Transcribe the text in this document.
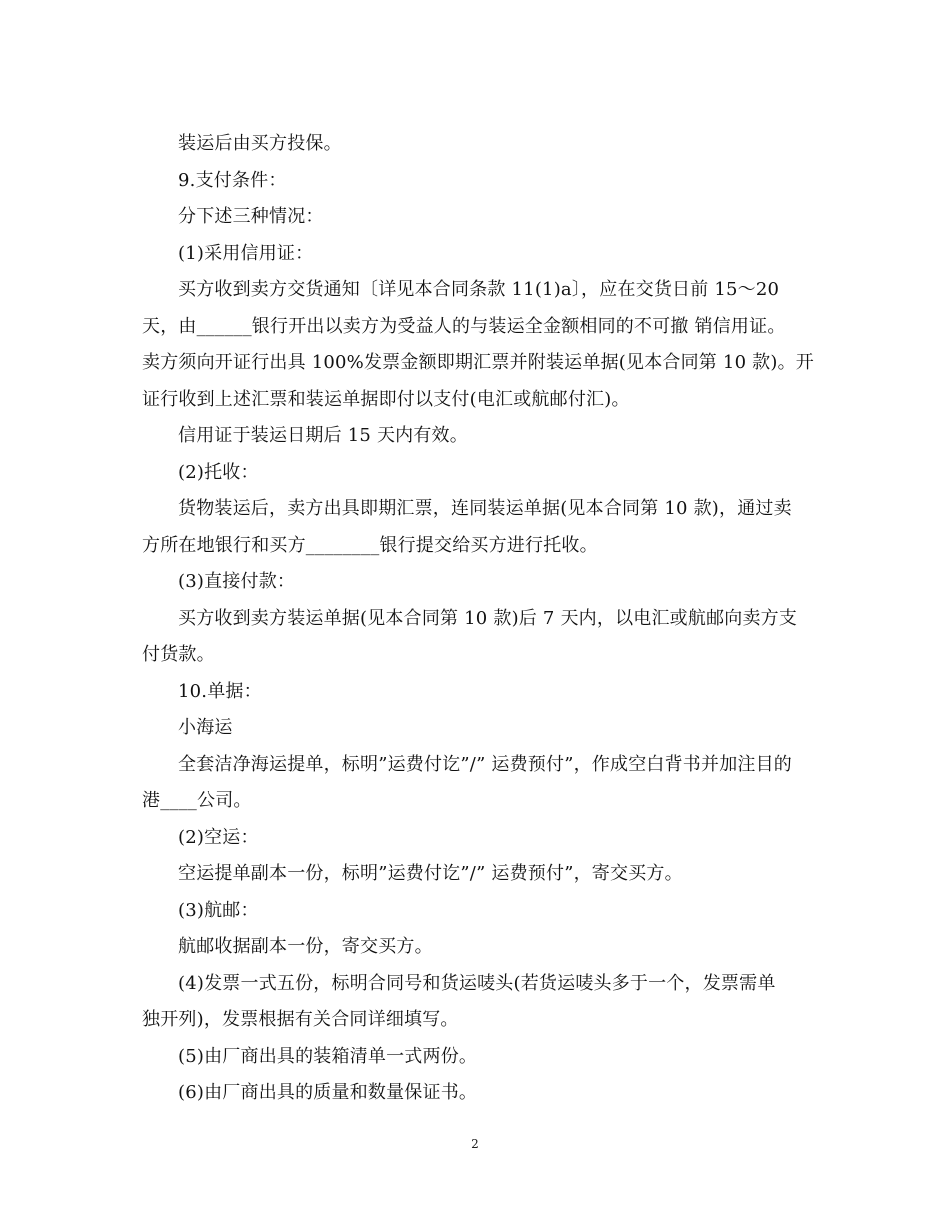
装运后由买方投保。

9.支付条件：

分下述三种情况：

(1)采用信用证：

买方收到卖方交货通知〔详见本合同条款 11(1)a〕，应在交货日前 15～20

天，由______银行开出以卖方为受益人的与装运全金额相同的不可撤 销信用证。

卖方须向开证行出具 100%发票金额即期汇票并附装运单据(见本合同第 10 款)。开

证行收到上述汇票和装运单据即付以支付(电汇或航邮付汇)。

信用证于装运日期后 15 天内有效。

(2)托收：

货物装运后，卖方出具即期汇票，连同装运单据(见本合同第 10 款)，通过卖

方所在地银行和买方________银行提交给买方进行托收。

(3)直接付款：

买方收到卖方装运单据(见本合同第 10 款)后 7 天内，以电汇或航邮向卖方支

付货款。

10.单据：

小海运

全套洁净海运提单，标明”运费付讫”/” 运费预付”，作成空白背书并加注目的

港____公司。

(2)空运：

空运提单副本一份，标明”运费付讫”/” 运费预付”，寄交买方。

(3)航邮：

航邮收据副本一份，寄交买方。

(4)发票一式五份，标明合同号和货运唛头(若货运唛头多于一个，发票需单

独开列)，发票根据有关合同详细填写。

(5)由厂商出具的装箱清单一式两份。

(6)由厂商出具的质量和数量保证书。

2
